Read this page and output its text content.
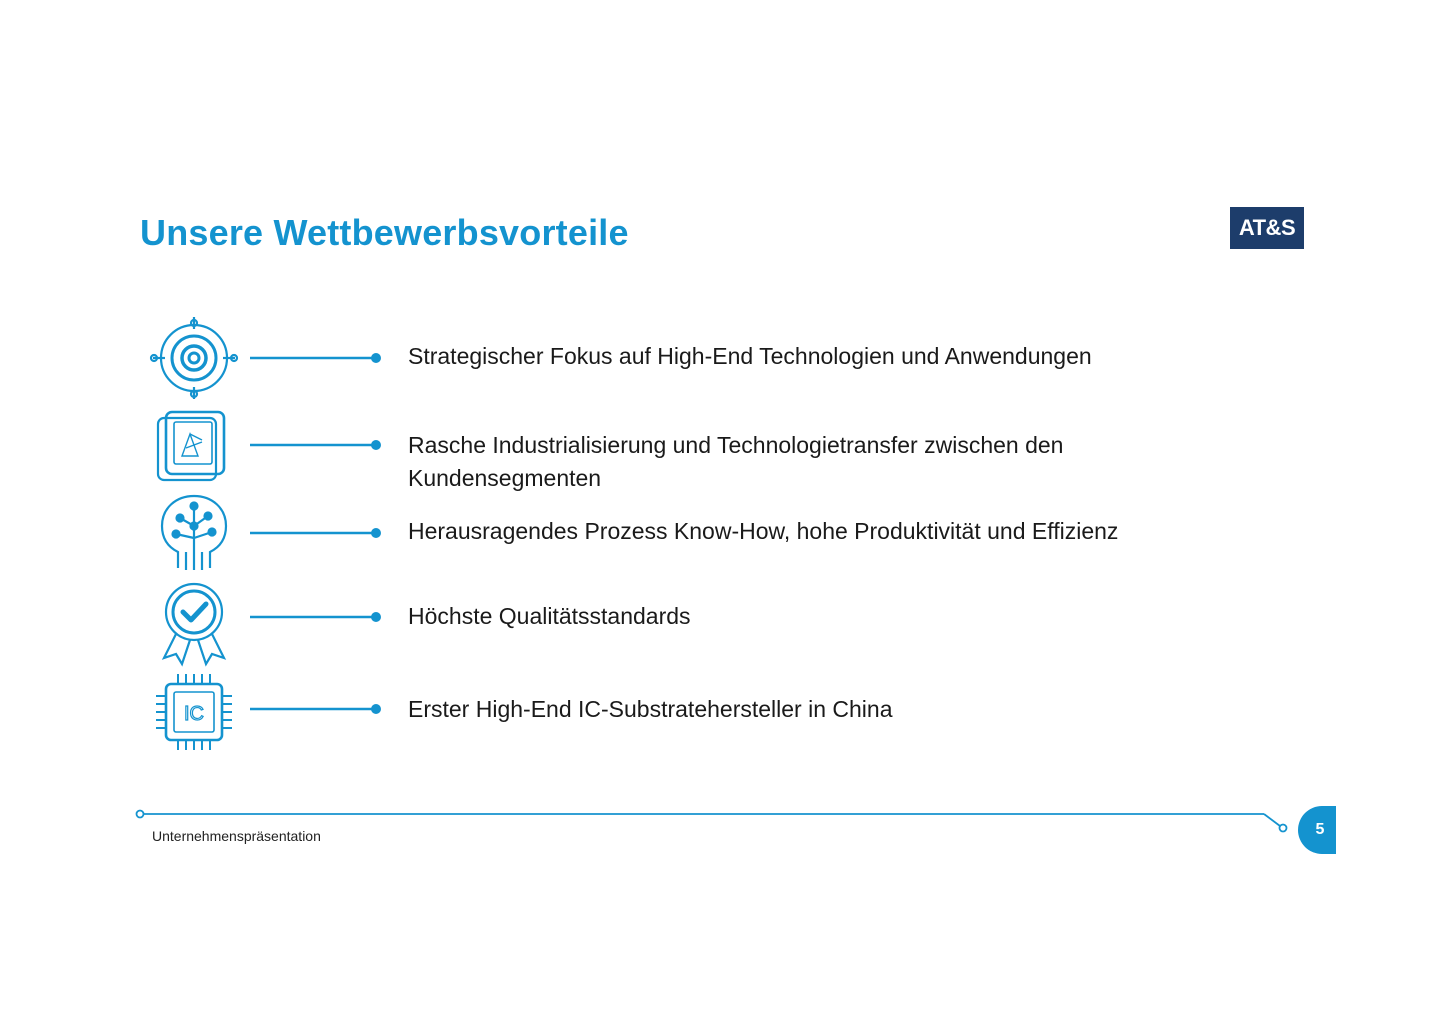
Unsere Wettbewerbsvorteile	AT&S
Strategischer Fokus auf High-End Technologien und Anwendungen
Rasche Industrialisierung und Technologietransfer zwischen den Kundensegmenten
Herausragendes Prozess Know-How, hohe Produktivität und Effizienz
Höchste Qualitätsstandards
IC	Erster High-End IC-Substratehersteller in China
Unternehmenspräsentation	5
